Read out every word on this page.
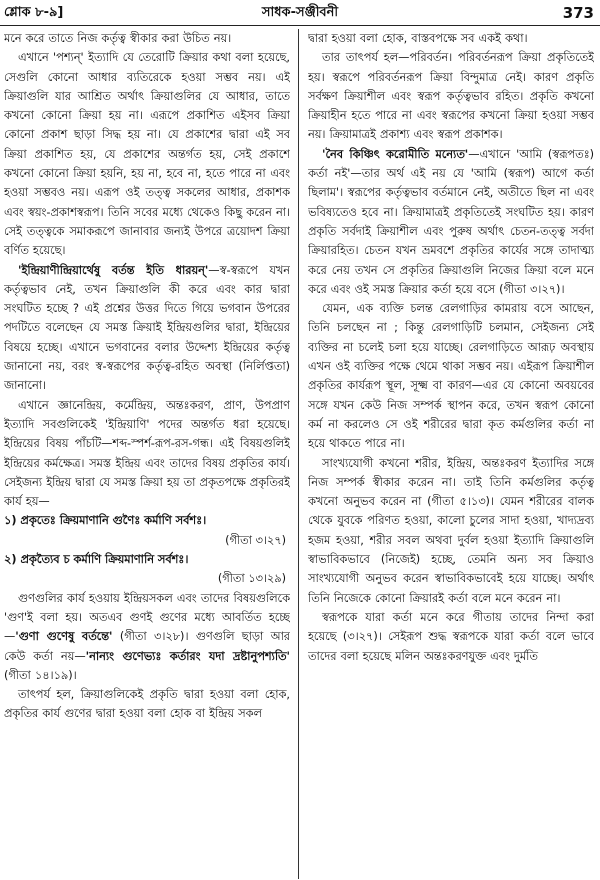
শ্লোক ৮-৯]	সাধক-সঞ্জীবনী	373

মনে করে তাতে নিজ কর্তৃত্ব স্বীকার করা উচিত নয়।

এখানে 'পশ্যন্' ইত্যাদি যে তেরোটি ক্রিয়ার কথা বলা হয়েছে, সেগুলি কোনো আধার ব্যতিরেকে হওয়া সম্ভব নয়। এই ক্রিয়াগুলি যার আশ্রিত অর্থাৎ ক্রিয়াগুলির যে আধার, তাতে কখনো কোনো ক্রিয়া হয় না। এরূপে প্রকাশিত এইসব ক্রিয়া কোনো প্রকাশ ছাড়া সিদ্ধ হয় না। যে প্রকাশের দ্বারা এই সব ক্রিয়া প্রকাশিত হয়, যে প্রকাশের অন্তর্গত হয়, সেই প্রকাশে কখনো কোনো ক্রিয়া হয়নি, হয় না, হবে না, হতে পারে না এবং হওয়া সম্ভবও নয়। এরূপ ওই তত্ত্ব সকলের আধার, প্রকাশক এবং স্বয়ং-প্রকাশস্বরূপ। তিনি সবের মধ্যে থেকেও কিছু করেন না। সেই তত্ত্বকে সমাকরূপে জানাবার জন্যই উপরে ত্রয়োদশ ক্রিয়া বর্ণিত হয়েছে।

'ইন্দ্রিয়াণীন্দ্রিয়ার্থেষু বর্তন্ত ইতি ধারয়ন্'—স্ব-স্বরূপে যখন কর্তৃত্বভাব নেই, তখন ক্রিয়াগুলি কী করে এবং কার দ্বারা সংঘটিত হচ্ছে ? এই প্রশ্নের উত্তর দিতে গিয়ে ভগবান উপরের পদটিতে বলেছেন যে সমস্ত ক্রিয়াই ইন্দ্রিয়গুলির দ্বারা, ইন্দ্রিয়ের বিষয়ে হচ্ছে। এখানে ভগবানের বলার উদ্দেশ্য ইন্দ্রিয়ের কর্তৃত্ব জানানো নয়, বরং স্ব-স্বরূপের কর্তৃত্ব-রহিত অবস্থা (নির্লিপ্ততা) জানানো।

এখানে জ্ঞানেন্দ্রিয়, কর্মেন্দ্রিয়, অন্তঃকরণ, প্রাণ, উপপ্রাণ ইত্যাদি সবগুলিকেই 'ইন্দ্রিয়াণি' পদের অন্তর্গত ধরা হয়েছে। ইন্দ্রিয়ের বিষয় পাঁচটি—শব্দ-স্পর্শ-রূপ-রস-গন্ধ। এই বিষয়গুলিই ইন্দ্রিয়ের কর্মক্ষেত্র। সমস্ত ইন্দ্রিয় এবং তাদের বিষয় প্রকৃতির কার্য। সেইজন্য ইন্দ্রিয় দ্বারা যে সমস্ত ক্রিয়া হয় তা প্রকৃতপক্ষে প্রকৃতিরই কার্য হয়—

১) প্রকৃতেঃ ক্রিয়মাণানি গুণৈঃ কর্মাণি সর্বশঃ।
(গীতা ৩।২৭)
২) প্রকৃত্যৈব চ কর্মাণি ক্রিয়মাণানি সর্বশঃ।
(গীতা ১৩।২৯)

গুণগুলির কার্য হওয়ায় ইন্দ্রিয়সকল এবং তাদের বিষয়গুলিকে 'গুণ'ই বলা হয়। অতএব গুণই গুণের মধ্যে আবর্তিত হচ্ছে—'গুণা গুণেষু বর্তন্তে' (গীতা ৩।২৮)। গুণগুলি ছাড়া আর কেউ কর্তা নয়—'নান্যং গুণেভ্যঃ কর্তারং যদা দ্রষ্টানুপশ্যতি' (গীতা ১৪।১৯)।

তাৎপর্য হল, ক্রিয়াগুলিকেই প্রকৃতি দ্বারা হওয়া বলা হোক, প্রকৃতির কার্য গুণের দ্বারা হওয়া বলা হোক বা ইন্দ্রিয় সকল

দ্বারা হওয়া বলা হোক, বাস্তবপক্ষে সব একই কথা।

তার তাৎপর্য হল—পরিবর্তন। পরিবর্তনরূপ ক্রিয়া প্রকৃতিতেই হয়। স্বরূপে পরিবর্তনরূপ ক্রিয়া বিন্দুমাত্র নেই। কারণ প্রকৃতি সর্বক্ষণ ক্রিয়াশীল এবং স্বরূপ কর্তৃত্বভাব রহিত। প্রকৃতি কখনো ক্রিয়াহীন হতে পারে না এবং স্বরূপের কখনো ক্রিয়া হওয়া সম্ভব নয়। ক্রিয়ামাত্রই প্রকাশ্য এবং স্বরূপ প্রকাশক।

'নৈব কিঞ্চিৎ করোমীতি মন্যেত'—এখানে 'আমি (স্বরূপতঃ) কর্তা নই'—তার অর্থ এই নয় যে 'আমি (স্বরূপ) আগে কর্তা ছিলাম'। স্বরূপের কর্তৃত্বভাব বর্তমানে নেই, অতীতে ছিল না এবং ভবিষ্যতেও হবে না। ক্রিয়ামাত্রই প্রকৃতিতেই সংঘটিত হয়। কারণ প্রকৃতি সর্বদাই ক্রিয়াশীল এবং পুরুষ অর্থাৎ চেতন-তত্ত্ব সর্বদা ক্রিয়ারহিত। চেতন যখন ভ্রমবশে প্রকৃতির কার্যের সঙ্গে তাদাত্ম্য করে নেয় তখন সে প্রকৃতির ক্রিয়াগুলি নিজের ক্রিয়া বলে মনে করে এবং ওই সমস্ত ক্রিয়ার কর্তা হয়ে বসে (গীতা ৩।২৭)।

যেমন, এক ব্যক্তি চলন্ত রেলগাড়ির কামরায় বসে আছেন, তিনি চলছেন না ; কিন্তু রেলগাড়িটি চলমান, সেইজন্য সেই ব্যক্তির না চলেই চলা হয়ে যাচ্ছে। রেলগাড়িতে আরূঢ় অবস্থায় এখন ওই ব্যক্তির পক্ষে থেমে থাকা সম্ভব নয়। এইরূপ ক্রিয়াশীল প্রকৃতির কার্যরূপ স্থূল, সূক্ষ্ম বা কারণ—এর যে কোনো অবয়বের সঙ্গে যখন কেউ নিজ সম্পর্ক স্থাপন করে, তখন স্বরূপ কোনো কর্ম না করলেও সে ওই শরীরের দ্বারা কৃত কর্মগুলির কর্তা না হয়ে থাকতে পারে না।

সাংখ্যযোগী কখনো শরীর, ইন্দ্রিয়, অন্তঃকরণ ইত্যাদির সঙ্গে নিজ সম্পর্ক স্বীকার করেন না। তাই তিনি কর্মগুলির কর্তৃত্ব কখনো অনুভব করেন না (গীতা ৫।১৩)। যেমন শরীরের বালক থেকে যুবকে পরিণত হওয়া, কালো চুলের সাদা হওয়া, খাদ্যদ্রব্য হজম হওয়া, শরীর সবল অথবা দুর্বল হওয়া ইত্যাদি ক্রিয়াগুলি স্বাভাবিকভাবে (নিজেই) হচ্ছে, তেমনি অন্য সব ক্রিয়াও সাংখ্যযোগী অনুভব করেন স্বাভাবিকভাবেই হয়ে যাচ্ছে। অর্থাৎ তিনি নিজেকে কোনো ক্রিয়ারই কর্তা বলে মনে করেন না।

স্বরূপকে যারা কর্তা মনে করে গীতায় তাদের নিন্দা করা হয়েছে (৩।২৭)। সেইরূপ শুদ্ধ স্বরূপকে যারা কর্তা বলে ভাবে তাদের বলা হয়েছে মলিন অন্তঃকরণযুক্ত এবং দুর্মতি
